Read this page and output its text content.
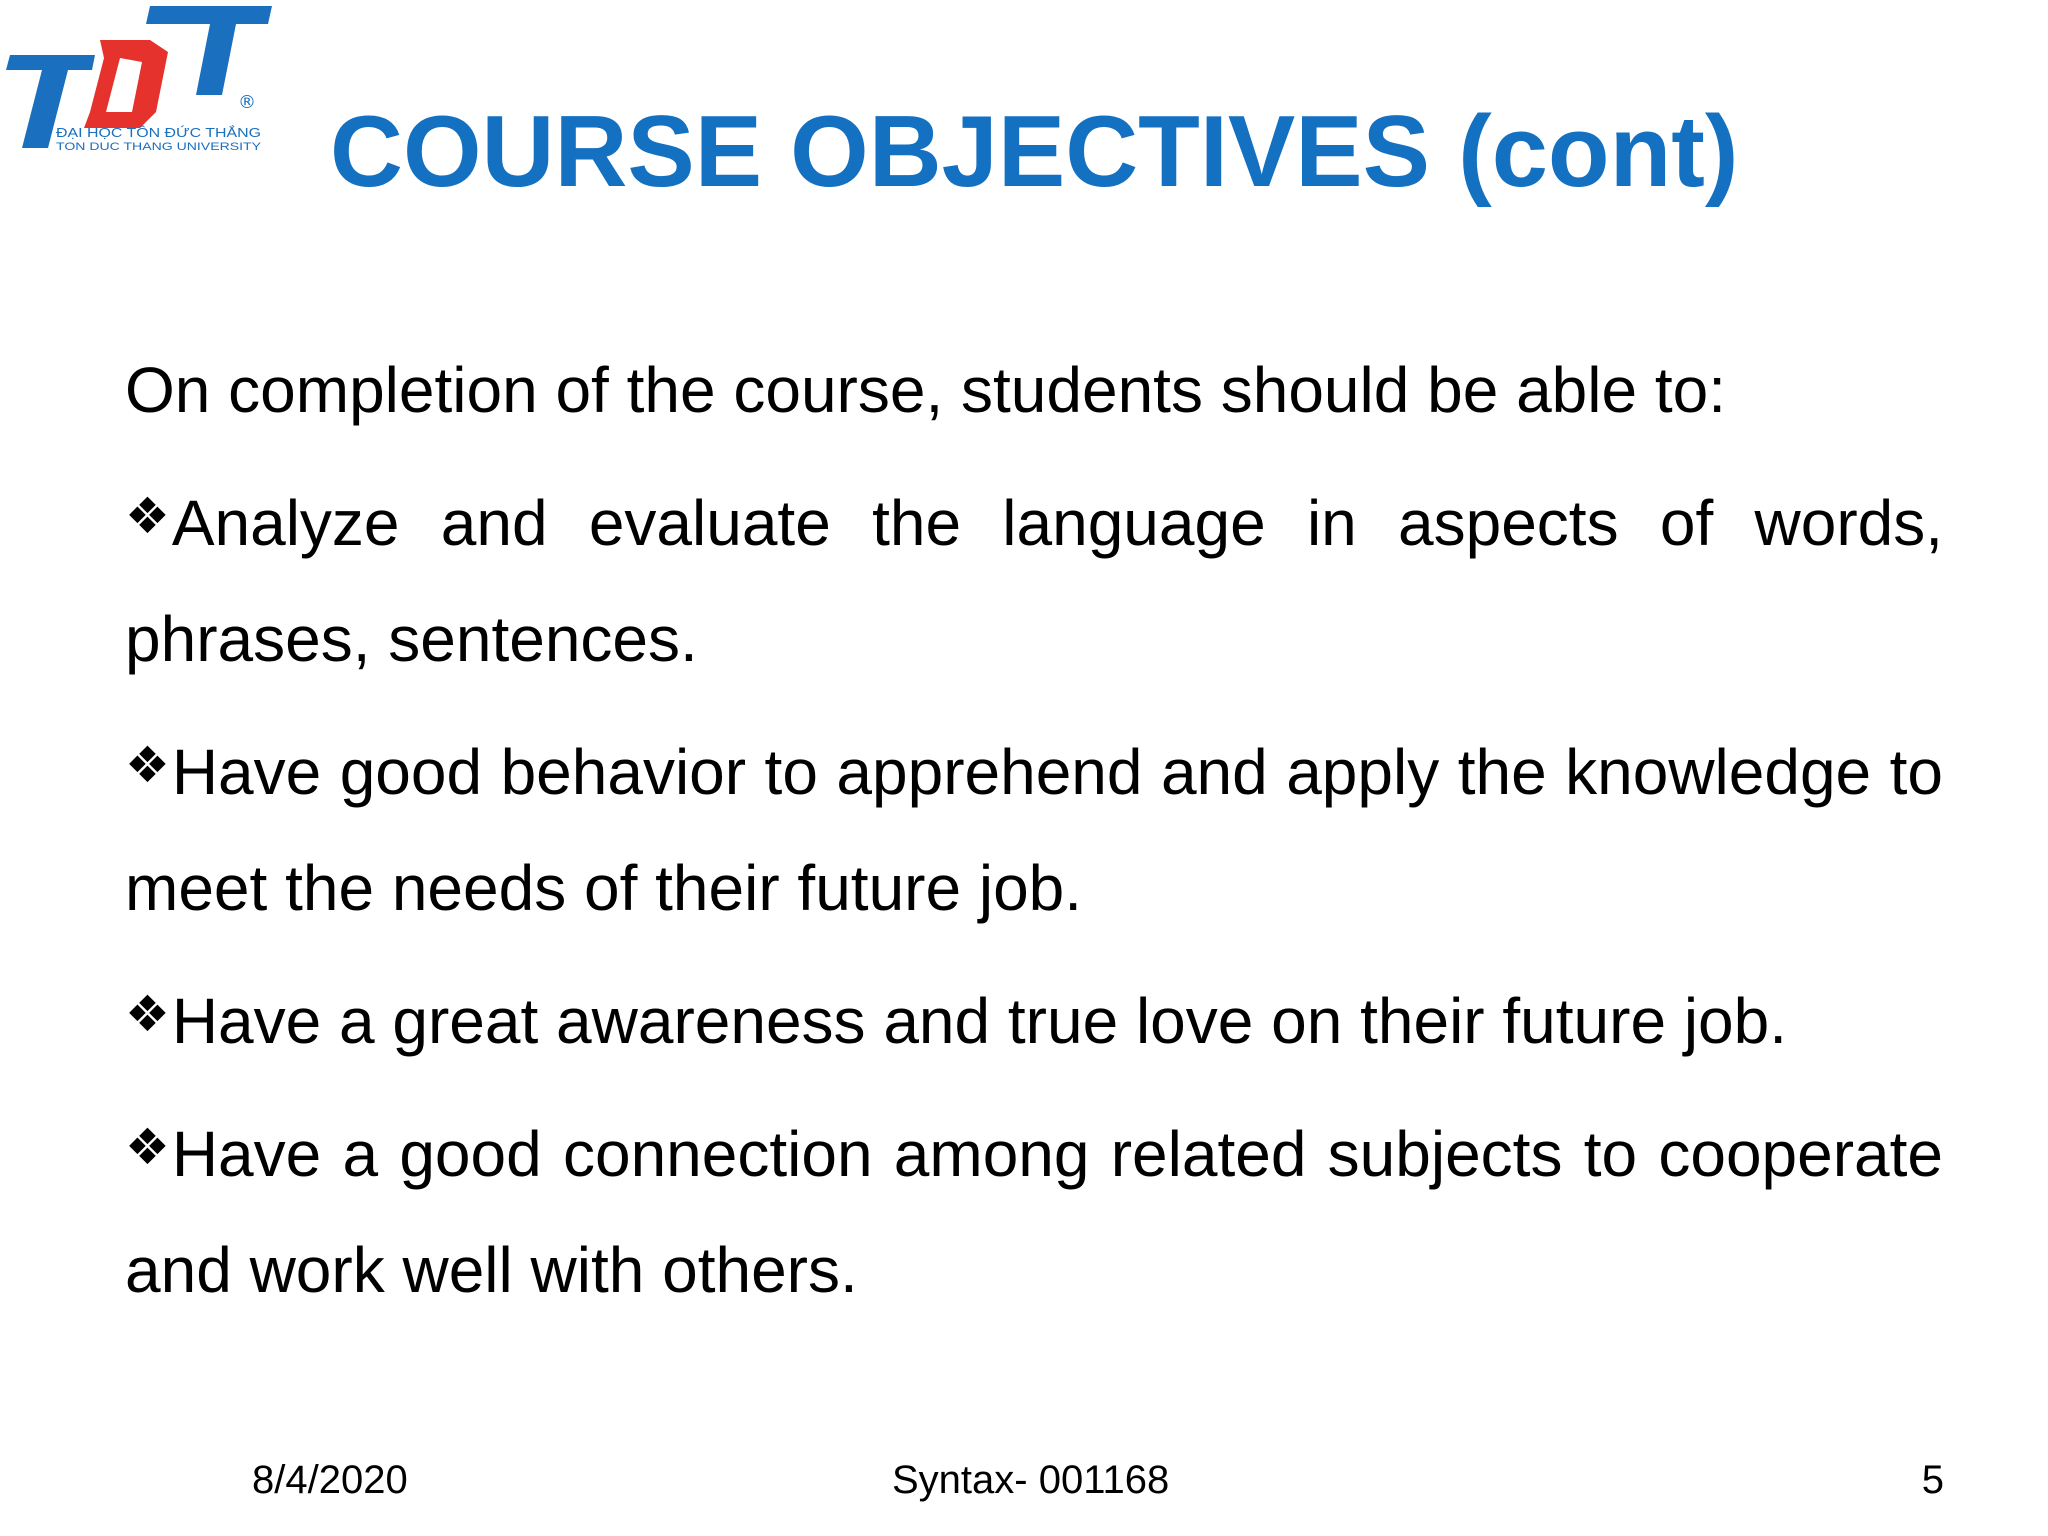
®
ĐẠI HỌC TÔN ĐỨC THẮNG
TON DUC THANG UNIVERSITY COURSE OBJECTIVES (cont)

On completion of the course, students should be able to:

❖Analyze and evaluate the language in aspects of words, phrases, sentences.
❖Have good behavior to apprehend and apply the knowledge to meet the needs of their future job.
❖Have a great awareness and true love on their future job.
❖Have a good connection among related subjects to cooperate and work well with others.
8/4/2020	Syntax- 001168	5
